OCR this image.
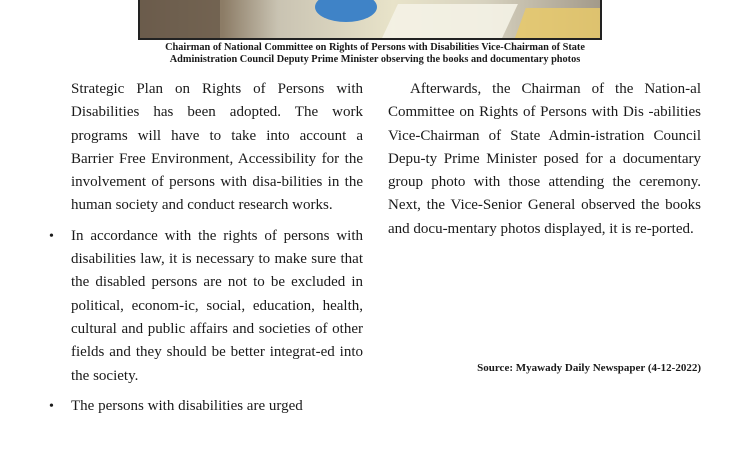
Chairman of National Committee on Rights of Persons with Disabilities Vice-Chairman of State
Administration Council Deputy Prime Minister observing the books and documentary photos

Strategic Plan on Rights of Persons with Disabilities has been adopted. The work programs will have to take into account a Barrier Free Environment, Accessibility for the involvement of persons with disa-bilities in the human society and conduct research works.

• In accordance with the rights of persons with disabilities law, it is necessary to make sure that the disabled persons are not to be excluded in political, econom-ic, social, education, health, cultural and public affairs and societies of other fields and they should be better integrat-ed into the society.

• The persons with disabilities are urged

Afterwards, the Chairman of the Nation-al Committee on Rights of Persons with Dis -abilities Vice-Chairman of State Admin-istration Council Depu-ty Prime Minister posed for a documentary group photo with those attending the ceremony. Next, the Vice-Senior General observed the books and docu-mentary photos displayed, it is re-ported.

Source: Myawady Daily Newspaper (4-12-2022)
